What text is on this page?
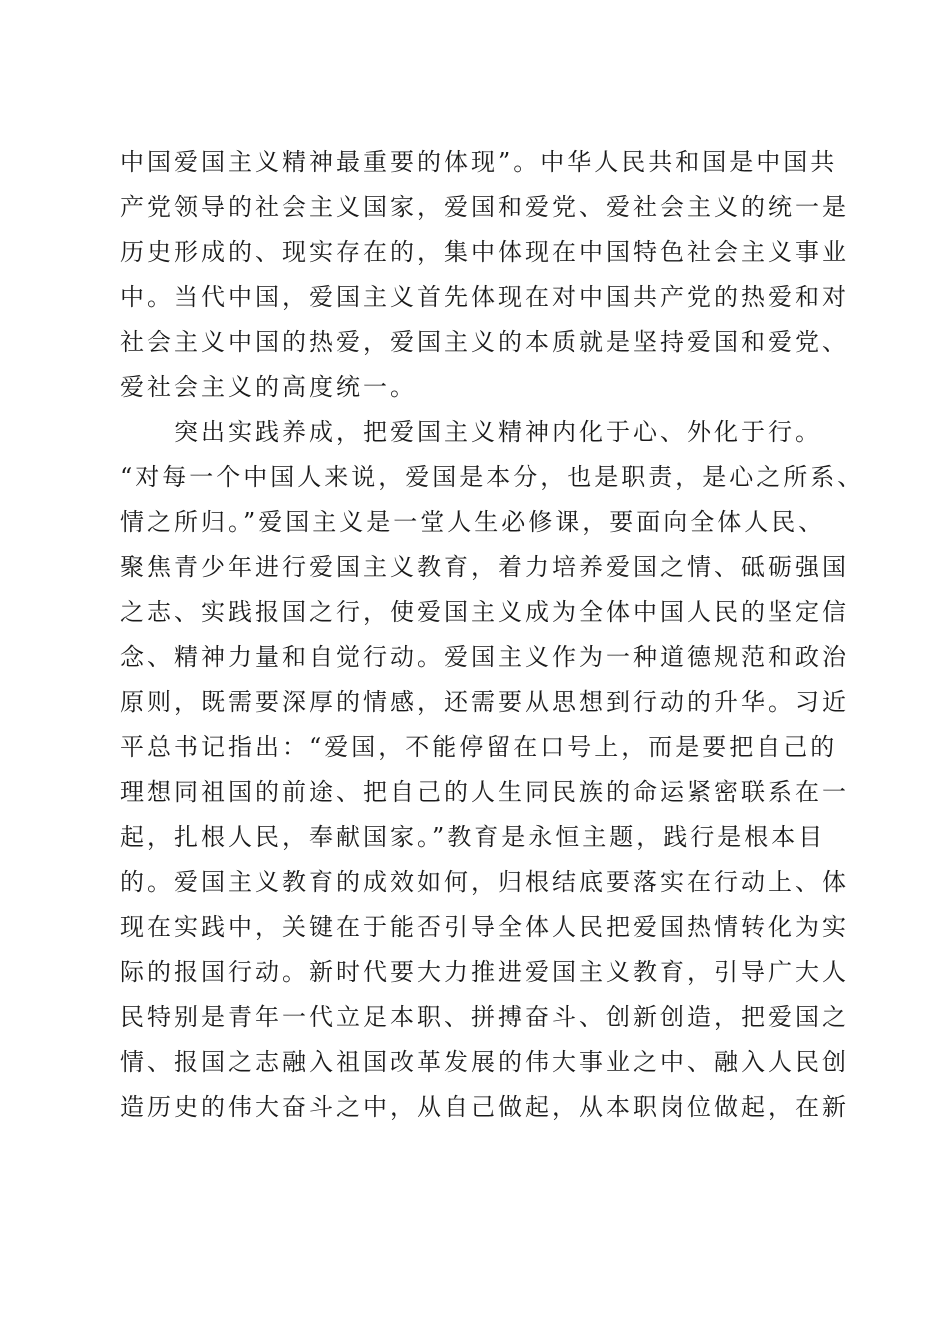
中国爱国主义精神最重要的体现”。中华人民共和国是中国共
产党领导的社会主义国家，爱国和爱党、爱社会主义的统一是
历史形成的、现实存在的，集中体现在中国特色社会主义事业
中。当代中国，爱国主义首先体现在对中国共产党的热爱和对
社会主义中国的热爱，爱国主义的本质就是坚持爱国和爱党、
爱社会主义的高度统一。
突出实践养成，把爱国主义精神内化于心、外化于行。
“对每一个中国人来说，爱国是本分，也是职责，是心之所系、
情之所归。”爱国主义是一堂人生必修课，要面向全体人民、
聚焦青少年进行爱国主义教育，着力培养爱国之情、砥砺强国
之志、实践报国之行，使爱国主义成为全体中国人民的坚定信
念、精神力量和自觉行动。爱国主义作为一种道德规范和政治
原则，既需要深厚的情感，还需要从思想到行动的升华。习近
平总书记指出：“爱国，不能停留在口号上，而是要把自己的
理想同祖国的前途、把自己的人生同民族的命运紧密联系在一
起，扎根人民，奉献国家。”教育是永恒主题，践行是根本目
的。爱国主义教育的成效如何，归根结底要落实在行动上、体
现在实践中，关键在于能否引导全体人民把爱国热情转化为实
际的报国行动。新时代要大力推进爱国主义教育，引导广大人
民特别是青年一代立足本职、拼搏奋斗、创新创造，把爱国之
情、报国之志融入祖国改革发展的伟大事业之中、融入人民创
造历史的伟大奋斗之中，从自己做起，从本职岗位做起，在新
